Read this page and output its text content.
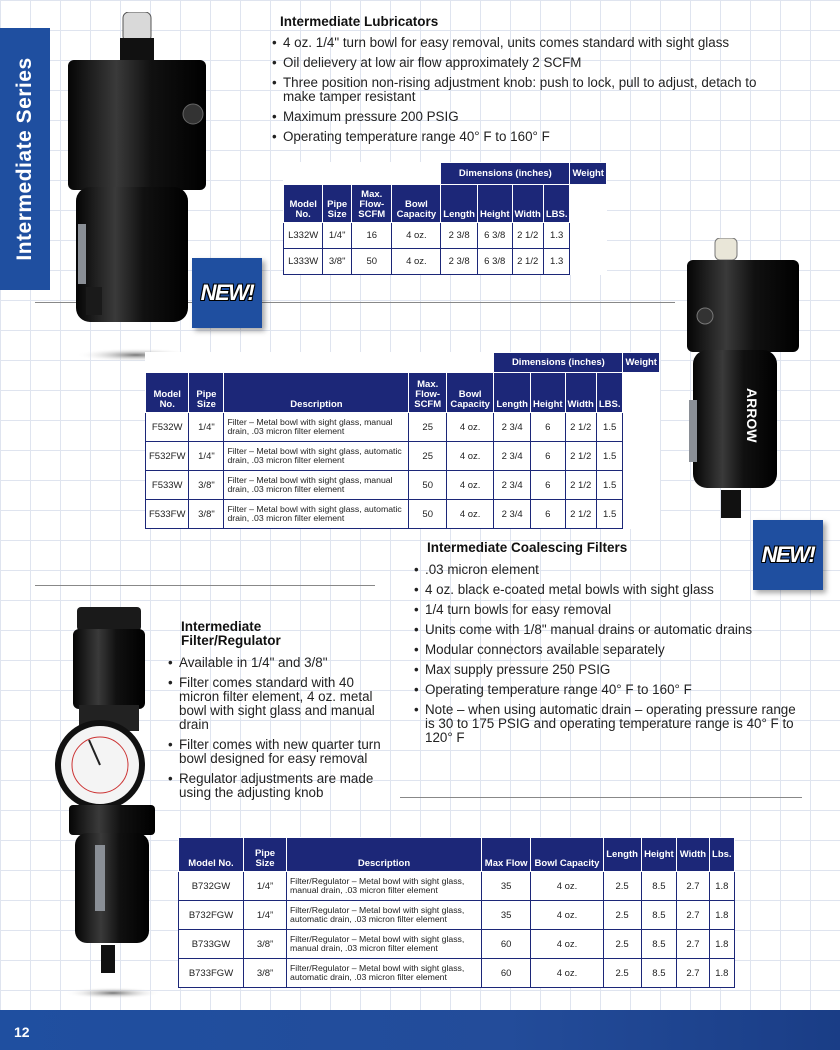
Intermediate Series
ARROW
NEW!
NEW!
Intermediate Lubricators
• 4 oz. 1/4" turn bowl for easy removal, units comes standard with sight glass
• Oil delievery at low air flow approximately 2 SCFM
• Three position non-rising adjustment knob: push to lock, pull to adjust, detach to make tamper resistant
• Maximum pressure 200 PSIG
• Operating temperature range 40° F to 160° F
				Dimensions (inches)				Weight
Model No.	Pipe Size	Max. Flow- SCFM	Bowl Capacity	Length	Height	Width	LBS.	
L332W	1/4"	16	4 oz.	2 3/8	6 3/8	2 1/2	1.3	
L333W	3/8"	50	4 oz.	2 3/8	6 3/8	2 1/2	1.3	
					Dimensions (inches)				Weight
Model No.	Pipe Size	Description	Max. Flow- SCFM	Bowl Capacity	Length	Height	Width	LBS.	
F532W	1/4"	Filter – Metal bowl with sight glass, manual drain, .03 micron filter element	25	4 oz.	2 3/4	6	2 1/2	1.5	
F532FW	1/4"	Filter – Metal bowl with sight glass, automatic drain, .03 micron filter element	25	4 oz.	2 3/4	6	2 1/2	1.5	
F533W	3/8"	Filter – Metal bowl with sight glass, manual drain, .03 micron filter element	50	4 oz.	2 3/4	6	2 1/2	1.5	
F533FW	3/8"	Filter – Metal bowl with sight glass, automatic drain, .03 micron filter element	50	4 oz.	2 3/4	6	2 1/2	1.5	
Intermediate Coalescing Filters
• .03 micron element
• 4 oz. black e-coated metal bowls with sight glass
• 1/4 turn bowls for easy removal
• Units come with 1/8" manual drains or automatic drains
• Modular connectors available separately
• Max supply pressure 250 PSIG
• Operating temperature range 40° F to 160° F
• Note – when using automatic drain – operating pressure range is 30 to 175 PSIG and operating temperature range is 40° F to 120° F
Intermediate
Filter/Regulator
• Available in 1/4" and 3/8"
• Filter comes standard with 40 micron filter element, 4 oz. metal bowl with sight glass and manual drain
• Filter comes with new quarter turn bowl designed for easy removal
• Regulator adjustments are made using the adjusting knob
Model No.	Pipe Size	Description	Max Flow	Bowl Capacity	Length	Height	Width	Lbs.
B732GW	1/4”	Filter/Regulator – Metal bowl with sight glass, manual drain, .03 micron filter element	35	4 oz.	2.5	8.5	2.7	1.8
B732FGW	1/4”	Filter/Regulator – Metal bowl with sight glass, automatic drain, .03 micron filter element	35	4 oz.	2.5	8.5	2.7	1.8
B733GW	3/8”	Filter/Regulator – Metal bowl with sight glass, manual drain, .03 micron filter element	60	4 oz.	2.5	8.5	2.7	1.8
B733FGW	3/8”	Filter/Regulator – Metal bowl with sight glass, automatic drain, .03 micron filter element	60	4 oz.	2.5	8.5	2.7	1.8
12
